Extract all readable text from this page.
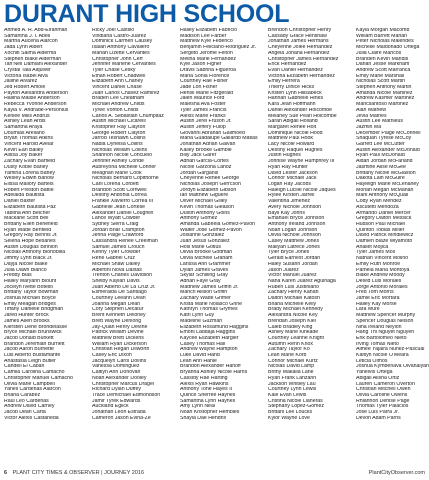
DURANT HIGH SCHOOL
Ahmed A. H. Abd-Elrahman
Samantha J. I. Abell
Martha Aucena Alarcon
Jada Lynn Albert
Xochitl Salma Alderma
Stephen Blake Alderman
Tah'Nell Damiani Alexander
Crystal Tala Alquiver
Victoria Isabel Alva
Jailine Alvarez
Jed Robert Amole
Payton Alexandra Anderson
Hailina Mailse Anderson
Rebecca Yvonne Anderson
Kayla V. Andrade-Personius
Kenlee Mills Andrus
Ashley Leah Ardis
Samantha Araya
Doumlas Arellano
Bryan Thomas Atkins
Vincent Harold Avelar
Kevin Earl Bailey
Alissa Joy Baker
Zachary Evan Barfield
Dusty Kobie Barley
Yamiria Lorena Barley
Wesley Edwin Barlow
Elissa Mallory Bartels
Robert Preston Battle
Adelaida Bautista
Daniel Baxter
Elizabeth Bautista Paz
Tabitha Ann Belcher
Mackane Scott Bell
Brittany Ellen Benefield
Ryan Wade Benfield
Gregory Ray Bennis Jr.
Selena Hope Besanes
Austin Douglas Binnion
Nicolas Anthony Bionobilia
Jimmy Lynn Black Jr.
Dayja Nicole Blake
Julia Dawn Blanco
Freddy Blas
Hailey Maryann Blount
Jocelyn Ivette Botello
Brittany Taylor Bowman
Joshua Michael Boyce
Emily Meagan Bridges
Tiffany Danielle Bridgman
Jared Hunter Brock
James Allen Brooks
Kiersten Dene Brondelasse
Bryce Michael Brunswick
Jacob Donald Burkett
Brandon Jeremiah Burnett
Jacob Aaron Burnette
Luis Alberto Bustamante
Anastasia Leigh Butler
Candell El Caban
Camila Carolina Camacho
Christopher Manuel Camacho
Olivia Marie Campbell
Yaneli Cardenas Alarcon
Briana Carabez
Raul Leo Cardenas
Andrew David Carney
Jacob Dean Carta
Victor Alexis Castaneda
Ricky Joel Castillo
Viridiana Castro-Juarez
Dominick Carmen Causey
Isaiah Anthony Cavaliero
Mariah Lizette Cervantes
Christopher John Cerf
Jennifer Marlene Cervantes
Tyler Chase Cesky
Ethan Robert Chadwell
Elizabeth Ann Chaney
Vincent Daniel Chase
Juan Carlos Chavez Ramirez
Braden Lee Cheatham
Michael Andrew Childs
Tyree Vonton Childs
Carlos A. Sebastian Chumpitaz
Austin Michael Cicarelli
Kristopher Ray Clayton
George Robert Clayton
Jarrod Teshawn Collins
Nadia Dyneisa Collins
Nicholas William Collins
Shannon Nicole Concuelo
Jennifer Ashley Conde
Aubreyona Michelle Conner
Meaghan Marie Cook
Nicholas Bernard Copithorne
Carli Lorena Corbett
Brandon Scott Cornwell
Destiny Andonia Correa
Frankie Xavierro Correa III
Gabrielle Jean Cortese
Alexander Daniel Coughlin
Lance Wyatt Cowder
Sydney Sierra Craig
Jordan Briar Crampton
Jenna Paige Crawford
Cassandra Renee Creelman
Samuel James Crouch
Kenny Tyler Crowder
Rene Gabriel Cruz
Michael Shaw Dailey
Albertini Nova Dastas
Trenton Charles Davidson
Shelby Kaylan Davis
Juan Alberto De La Cruz Jr.
Esmeralda De Santiago
Courtney Leeann Dean
Joanna Megan Dean
Cory Stephen Decatur
Brent Kenneth Deloney
Brett Wayne Denlong
Jay-Quan Henry Devine
Patrick William Devine
Matthew Brett Dickens
William Ryan Dickerson
Christian Regan Dilworth
Casey Eric Dixon
Jacquelyn Carol Dollins
Vanessa Dominguez
Caitlyn Ann Donovan
Noah Alexander Dooley
Christopher Marcus Dragel
Richard Dylan Duffey
Trace Demichael Edmondson
Jamir Tyrek Edwards
Auckland Eglick
Jonathan Leon Estrada
Cameron Jason Evina-Ze
Hailey Elizabeth Fabricio
Madison Lee Farber
Matthew Kyle Federico
Benjamin Feliciano-Rodriguez Jr.
Sergeto Jerome Felton
Melina Marie Fernandez
Kyle Jason Figner
Dravis Sabrina Figueroa
Maria Sonia Florence
Courtney Rae Fisher
Jade Lori Fisher
Hensli Marie Fitzgerald
Jalen Maurice Ford
Malesha Ava Foster
Tyler James Francis
Alexis Marie Franks
Austin Jerel Fruson Jr.
Austin Jeffery Fulop
Giovanni Abrahan Galimoed
Maria Guadalupe Gallardo Matias
Jonathan Adrian Galvan
Kalley Brooke Gamble
Billy Jack Garer
Adrian Garcia-Cortes
Nicole Garzona Lahoz
Jordan Garganis
Cheyenne Renee George
Nicholas Joseph Gerrcson
Jordyn Elizabeth Gibson
Ian Matthew Giguere
Oliver Michael Gilley
Kevin Thomas Gleason
Dustin Anthony Goins
Anthony Gomez
Amanda Gabriela Gomez-Pavon
Walter Jose Gomez-Pavon
Josianne Gonzalez
Juan Jesus Gonzalez
Holli Marie Gotius
Olivia Brooke Gottman
Olivia Michele Graham
Larissa Ann Grammer
Dylan James Graves
Skylar Schilling Gray
Adrian Faye Gray
Matthew James Griffin Jr.
Maricri Allison Griffin
Zachary Wade Grimer
Krista Marie Nolasco Grine
Kathryn Thomas Grymes
Katri Lynn Guy
Madeline Guzman
Elizabeth Rosamund Haggins
Emoni Laddaja Haggins
Kaycee Elizabeth Hargler
Casey Thomas Hall
Andrew Wayne Hampton
Luke David Hand
Leah Ann Hanle
Brandon Alexander Harloff
Bryanna Ashley Nicole Harris
Cassidy Rae Harting
Alexis Ryan Hawkins
Anthony Tone Hayes II
Quince Sherree Haynes
Samantha Lynn Haynes
Amy Lynn Neal
Noah Kristopher Hembles
Shayla Dae Hendrix
Brendon Christopher Henry
Cassady Grace Henshaw
Jonathan James Hermans
Cheyenne Jolee Hernandez
Angela Johana Hernandez
Christopher James Hernandez
Erick Hernandez
Evan Daniel Hernandez
Victoria Elizabeth Hernandez
Emily Herrera
Thierry Dinice Hicks
Kristen Lynn Hillsabeck
Hannah Gabrielle Hines
Kara Jean Hoffmann
Daniel Alexander Holcombe
Melaney Sue Pearl Holcombe
Sarah Abigail Holland
Margaret Renee Holt
Dominique Nicole Hood
Matthew Paul Hook
Lacy Nicole Howard
Destiny Raquel Hughes
Justin Hughes
Johnise Wayne Humphrey III
Ryan Ray Hunter
David Lester Jackson
Connor Michael Jack
Logan Ray Jacobs
Haleigh Lucille Nicole Jaques
Rylee Kirsten Jarrell
Valentina Jimenez
Avery Nichole Johnson
Bayli Kay Johns
Emanuel Bryce Johnson
Anthony Ireland Johnson
Noah Logan Johnson
Olivia Nichole Johnson
Casey Matthew Jones
Maliyah Latrece Jones
Tyler Bryce Jones
Gerald Earnest Jordan
Haley Susann Jordan
Jason Juarez
Victor Manuel Juarez
Nana Karen Juarez Aguinaga
Ruben Luis Justiniano
Zachary Henry Kahan
Dalton Michael Katosh
Briana Michelle Kelly
Brady Michael Kennedy
Alexandra Nicole Key
Brendan Joseph Kiel
Caleb Bradley King
Ashley Marie Kinkade
Courtney Leanne Knight
Autumn Renn Knox
Zachary Taylor Ko
Leah Marie Korb
Connor Michael Kurtz
Nicolas David Lamp
Britny Makaila Lane
Ryan Frank Lanzarin
Jackson Whitley Lau
Courtney Lynn Lewis
Kale Evan Lewis
Cristina Nicole Llaneras
Stephany Lopez-Gomez
Brittani Lee Loucks
Kylor Wayne Love
Kayla Morgan Macomb
William Barrett Mahan
Peter Nicholas Malerides
Michelle Maldonado Ortega
Julia Claire Mancos
Branden Kevin Mandis
Darian Jesse Markham
Andrew Scott Marranca
Emily Marie Marshall
Nicholas Scott Martin
Stephen Anthony Martin
Amanda Nicole Martinez
Andrew Kasmer Martinez
Maricsantoso Martinez
Alan Mathew
Jevia Mathes
Austin Lee Matnieus
Jazmin Ma
December Paige McConnell
Shaquan Tyrese McCoy
Garrett Lee McCutter
Austin Alexander McDonald
Ryan Paul McDonald
Aidan Jordan McFarland
Jasmine Alise McGee
Brittany Nicole McGlaston
Dakota Lain McGuire
Hayleigh Marie McLenaney
Moriah Megan McMahan
Mark Anthony McQuail
Cody Ryan Mendez
Ascutetti Mendoza
Armando Daniel Mercer
Gregory Dalton Messick
Hudson Paul Michael
Quinton Tobias Miller
David Patrick Mindiewicz
Damien Blaze Miyamoto
Anallet Mojica
Tyler James Moll
Nathan Vincent Molino
Emily Ruth Monroe
Pamela Maria Montoya
Blake Andrew Moody
Deivid Luis Morales
Jorge Antonio Morales
Fred Tom Morris
Jamie Eric Mortara
Hailey Kay Morse
Lara Mure
Matthew Spencer Murphy
Spencer Douglas Nelson
Nina Ireland Neylon
Hang Thi Nguyet Nguyen
Erik Bartolomeo Nieto
Irving Tomas Nieto
Aimee Yajaira Nunez-Pascual
Kaitlyn Nicole O'Meara
Leticia Olmos
Joshua Kymberlava Olvanalyan
Yaneivis Ortega
Abigail Alisha Ortiz
Lauren Cameron Overton
Christian Mitchell Owen
Olivia Caroline Owens
Rhiannon Denise Page
Thomas Tyler Palacios
Jose Luis Parra Jr.
Devon Adam Parris
6 PLANT CITY TIMES & OBSERVER | JOURNEY 2016	PlantCityObserver.com
